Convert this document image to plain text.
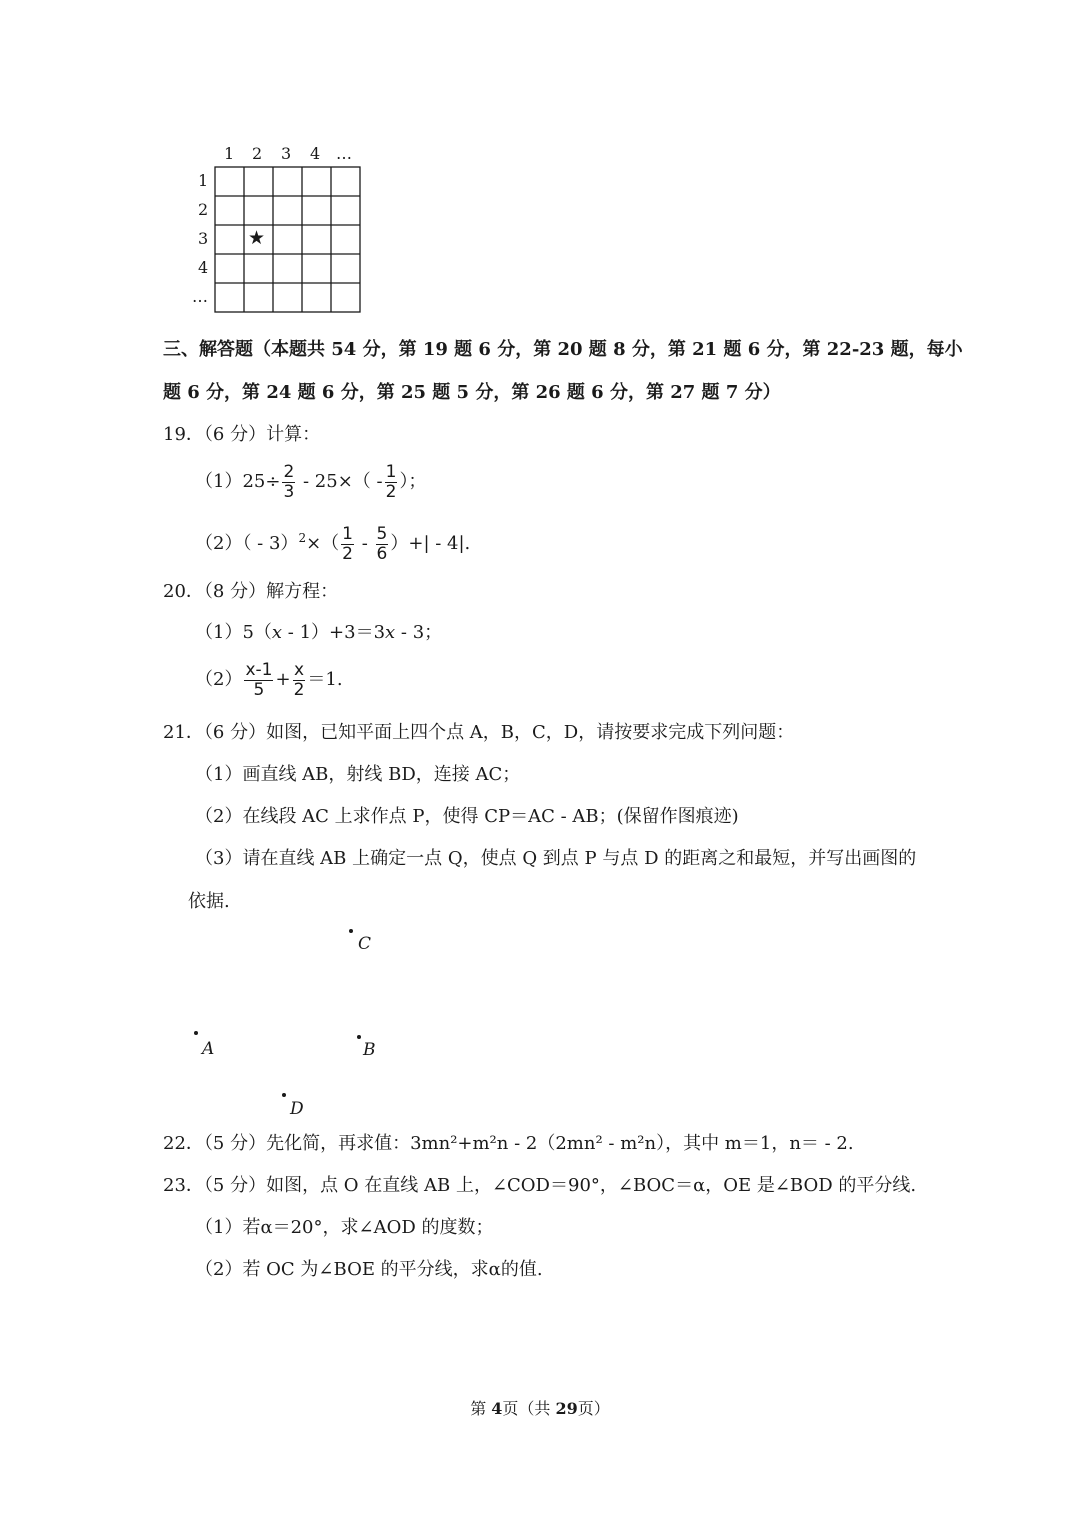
1 2 3 4 …
1
2
3
4
…
★
三、解答题（本题共 54 分，第 19 题 6 分，第 20 题 8 分，第 21 题 6 分，第 22-23 题，每小
题 6 分，第 24 题 6 分，第 25 题 5 分，第 26 题 6 分，第 27 题 7 分）
19．（6 分）计算：
$(1)25\div \frac{2}{3} - 25\times( - \frac{1}{2}$ ）；
$(2)( - 3)^2\times( \frac{1}{2} - \frac{5}{6}$ ）+| - 4|.
20．（8 分）解方程：
（1）5（x - 1）+3＝3x - 3；
$(2) \frac{x-1}{5} + \frac{x}{2} =1$.
21．（6 分）如图，已知平面上四个点 A，B，C，D，请按要求完成下列问题：
（1）画直线 AB，射线 BD，连接 AC；
（2）在线段 AC 上求作点 P，使得 CP＝AC - AB；(保留作图痕迹)
（3）请在直线 AB 上确定一点 Q，使点 Q 到点 P 与点 D 的距离之和最短，并写出画图的
依据.
C
A	B
D
22．（5 分）先化简，再求值：3mn²+m²n - 2（2mn² - m²n），其中 m＝1，n＝ - 2.
23．（5 分）如图，点 O 在直线 AB 上，∠COD＝90°，∠BOC＝α，OE 是∠BOD 的平分线.
（1）若α＝20°，求∠AOD 的度数；
（2）若 OC 为∠BOE 的平分线，求α的值.
第 4页（共 29页）
